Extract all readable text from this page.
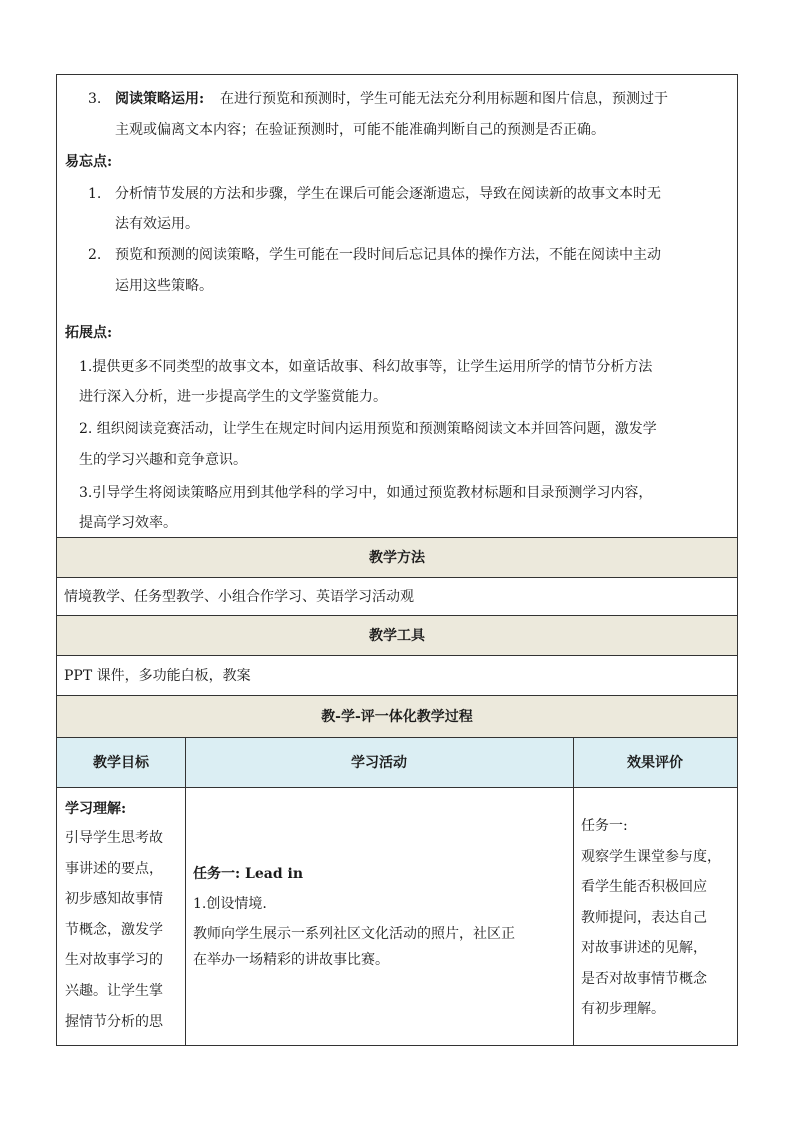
3. 阅读策略运用: 在进行预览和预测时，学生可能无法充分利用标题和图片信息，预测过于
主观或偏离文本内容；在验证预测时，可能不能准确判断自己的预测是否正确。
易忘点:
1. 分析情节发展的方法和步骤，学生在课后可能会逐渐遗忘，导致在阅读新的故事文本时无
法有效运用。
2. 预览和预测的阅读策略，学生可能在一段时间后忘记具体的操作方法，不能在阅读中主动
运用这些策略。
拓展点:
1.提供更多不同类型的故事文本，如童话故事、科幻故事等，让学生运用所学的情节分析方法
进行深入分析，进一步提高学生的文学鉴赏能力。
2. 组织阅读竞赛活动，让学生在规定时间内运用预览和预测策略阅读文本并回答问题，激发学
生的学习兴趣和竞争意识。
3.引导学生将阅读策略应用到其他学科的学习中，如通过预览教材标题和目录预测学习内容，
提高学习效率。
教学方法
情境教学、任务型教学、小组合作学习、英语学习活动观
教学工具
PPT 课件，多功能白板，教案
教-学-评一体化教学过程
教学目标	学习活动	效果评价
学习理解:
引导学生思考故
事讲述的要点，
初步感知故事情
节概念，激发学
生对故事学习的
兴趣。让学生掌
握情节分析的思
任务一: Lead in
1.创设情境.
教师向学生展示一系列社区文化活动的照片，社区正
在举办一场精彩的讲故事比赛。
任务一:
观察学生课堂参与度，
看学生能否积极回应
教师提问，表达自己
对故事讲述的见解，
是否对故事情节概念
有初步理解。
